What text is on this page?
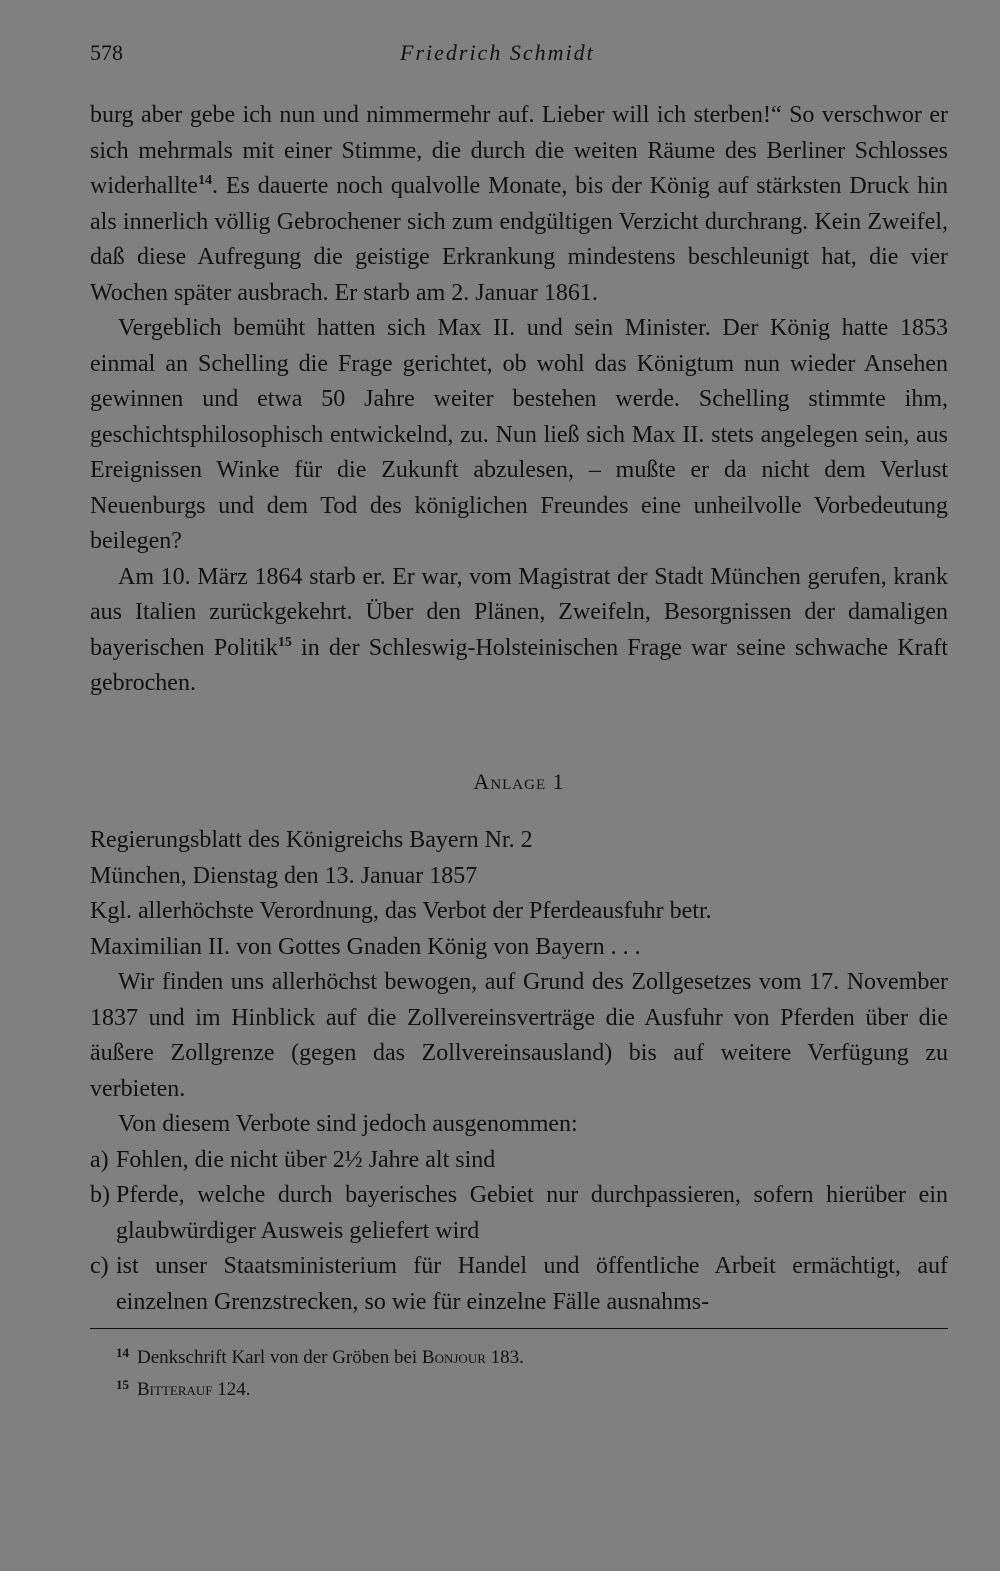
578	Friedrich Schmidt

burg aber gebe ich nun und nimmermehr auf. Lieber will ich sterben!“ So verschwor er sich mehrmals mit einer Stimme, die durch die weiten Räume des Berliner Schlosses widerhallte$^{14}$. Es dauerte noch qualvolle Monate, bis der König auf stärksten Druck hin als innerlich völlig Gebrochener sich zum endgültigen Verzicht durchrang. Kein Zweifel, daß diese Aufregung die geistige Erkrankung mindestens beschleunigt hat, die vier Wochen später ausbrach. Er starb am 2. Januar 1861.

Vergeblich bemüht hatten sich Max II. und sein Minister. Der König hatte 1853 einmal an Schelling die Frage gerichtet, ob wohl das Königtum nun wieder Ansehen gewinnen und etwa 50 Jahre weiter bestehen werde. Schelling stimmte ihm, geschichtsphilosophisch entwickelnd, zu. Nun ließ sich Max II. stets angelegen sein, aus Ereignissen Winke für die Zukunft abzulesen, – mußte er da nicht dem Verlust Neuenburgs und dem Tod des königlichen Freundes eine unheilvolle Vorbedeutung beilegen?

Am 10. März 1864 starb er. Er war, vom Magistrat der Stadt München gerufen, krank aus Italien zurückgekehrt. Über den Plänen, Zweifeln, Besorgnissen der damaligen bayerischen Politik$^{15}$ in der Schleswig-Holsteinischen Frage war seine schwache Kraft gebrochen.

Anlage 1

Regierungsblatt des Königreichs Bayern Nr. 2

München, Dienstag den 13. Januar 1857

Kgl. allerhöchste Verordnung, das Verbot der Pferdeausfuhr betr.

Maximilian II. von Gottes Gnaden König von Bayern . . .

Wir finden uns allerhöchst bewogen, auf Grund des Zollgesetzes vom 17. November 1837 und im Hinblick auf die Zollvereinsverträge die Ausfuhr von Pferden über die äußere Zollgrenze (gegen das Zollvereinsausland) bis auf weitere Verfügung zu verbieten.

Von diesem Verbote sind jedoch ausgenommen:

a) Fohlen, die nicht über 2½ Jahre alt sind
b) Pferde, welche durch bayerisches Gebiet nur durchpassieren, sofern hierüber ein glaubwürdiger Ausweis geliefert wird
c) ist unser Staatsministerium für Handel und öffentliche Arbeit ermächtigt, auf einzelnen Grenzstrecken, so wie für einzelne Fälle ausnahms-
$^{14}$ Denkschrift Karl von der Gröben bei Bonjour 183.
$^{15}$ Bitterauf 124.
